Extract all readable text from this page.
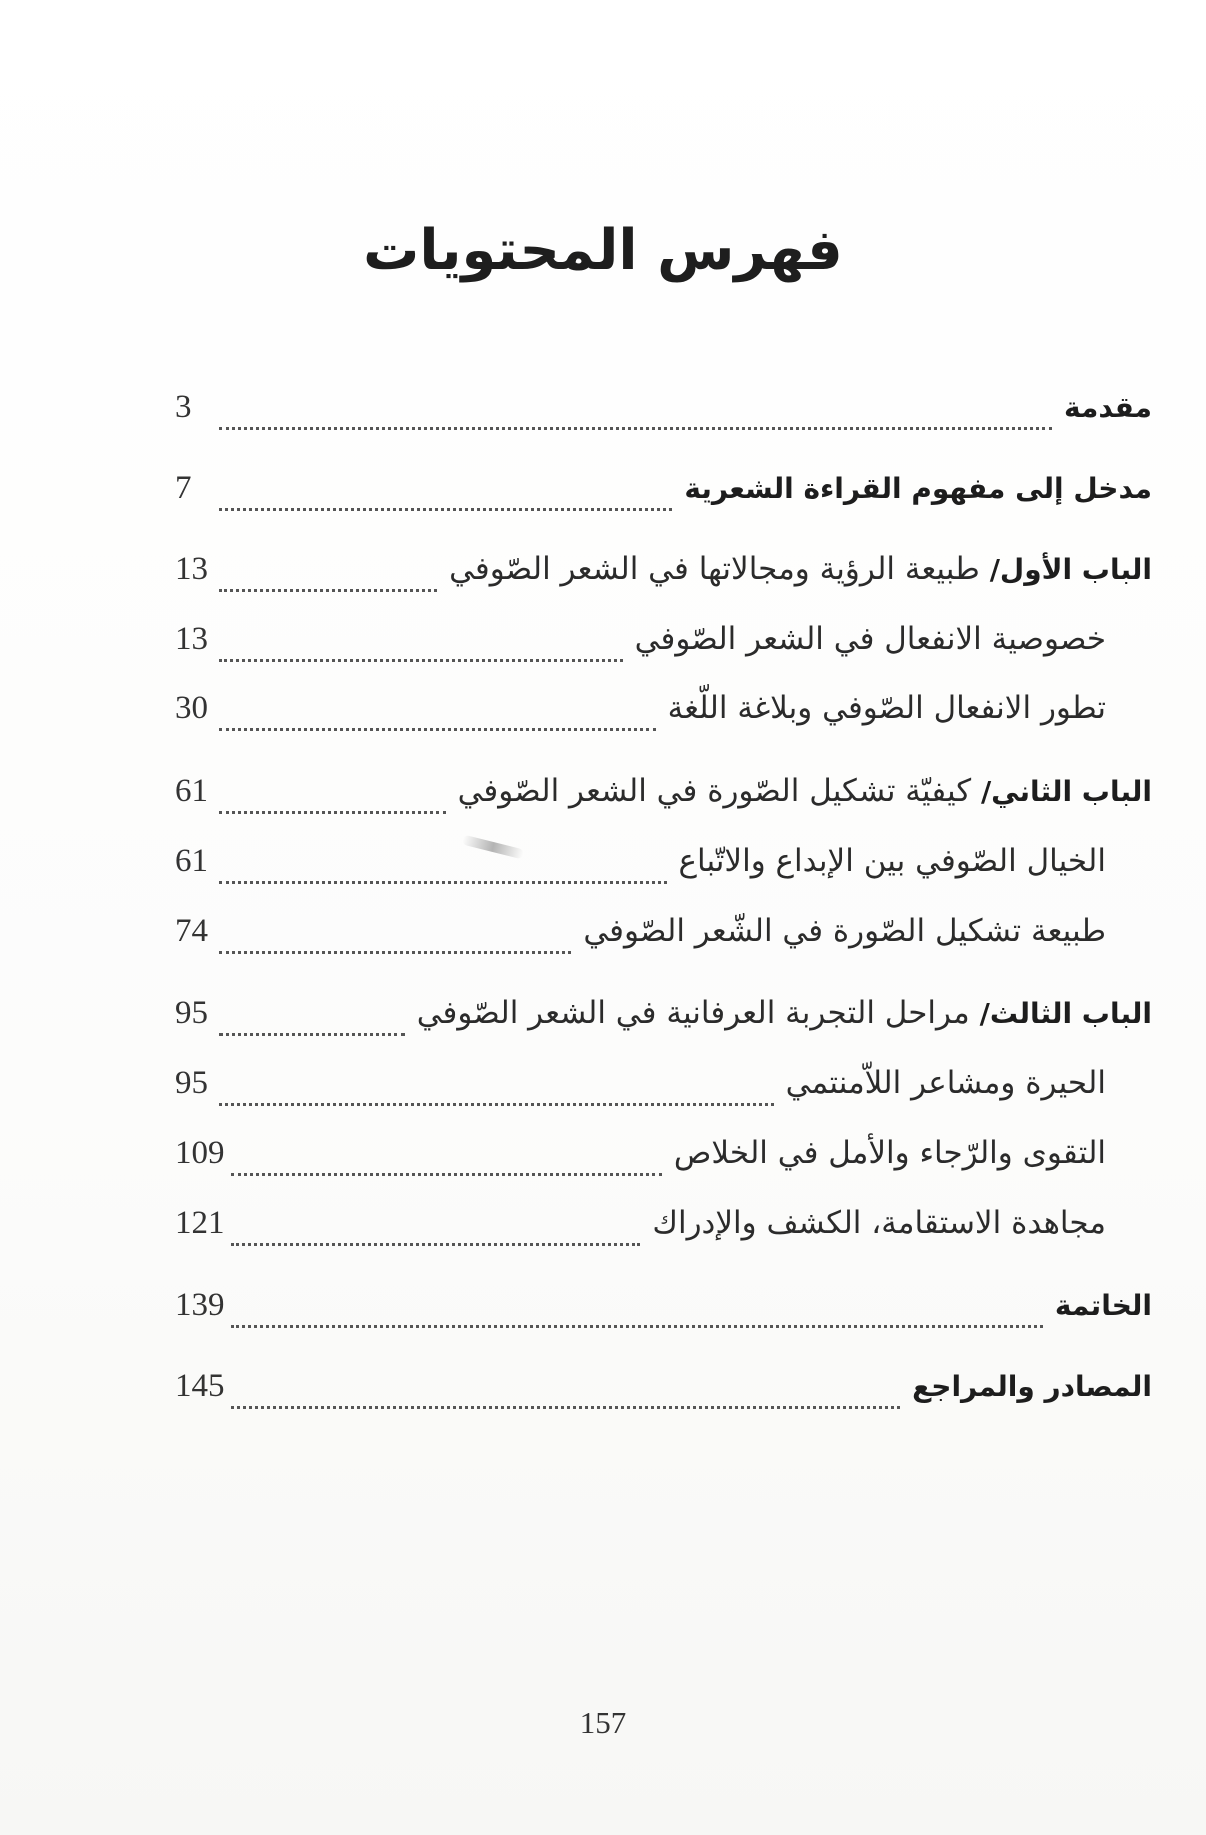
فهرس المحتويات
مقدمة
3
مدخل إلى مفهوم القراءة الشعرية
7
الباب الأول/ طبيعة الرؤية ومجالاتها في الشعر الصّوفي
13
خصوصية الانفعال في الشعر الصّوفي
13
تطور الانفعال الصّوفي وبلاغة اللّغة
30
الباب الثاني/ كيفيّة تشكيل الصّورة في الشعر الصّوفي
61
الخيال الصّوفي بين الإبداع والاتّباع
61
طبيعة تشكيل الصّورة في الشّعر الصّوفي
74
الباب الثالث/ مراحل التجربة العرفانية في الشعر الصّوفي
95
الحيرة ومشاعر اللاّمنتمي
95
التقوى والرّجاء والأمل في الخلاص
109
مجاهدة الاستقامة، الكشف والإدراك
121
الخاتمة
139
المصادر والمراجع
145
157
